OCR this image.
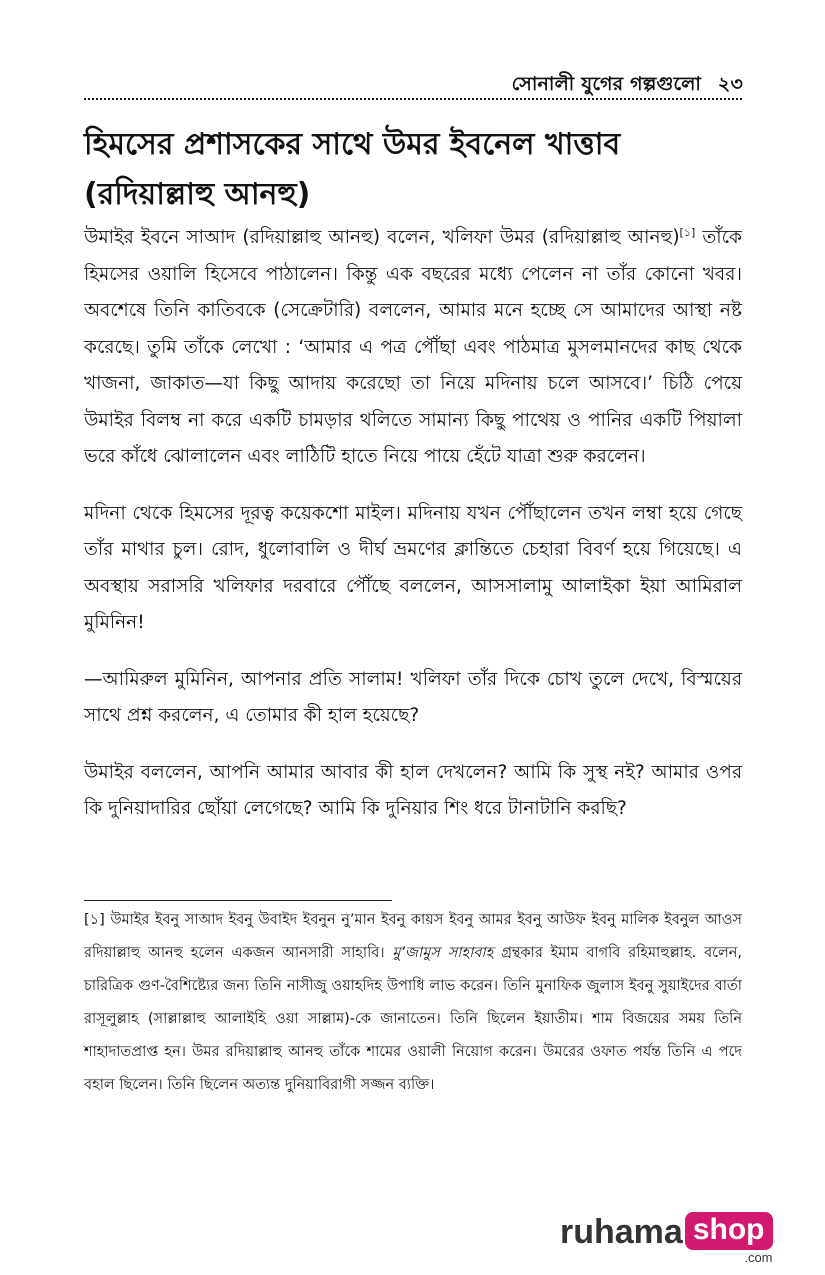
সোনালী যুগের গল্পগুলো ২৩
হিমসের প্রশাসকের সাথে উমর ইবনেল খাত্তাব (রদিয়াল্লাহু আনহু)

উমাইর ইবনে সাআদ (রদিয়াল্লাহু আনহু) বলেন, খলিফা উমর (রদিয়াল্লাহু আনহু)[১] তাঁকে হিমসের ওয়ালি হিসেবে পাঠালেন। কিন্তু এক বছরের মধ্যে পেলেন না তাঁর কোনো খবর। অবশেষে তিনি কাতিবকে (সেক্রেটারি) বললেন, আমার মনে হচ্ছে সে আমাদের আস্থা নষ্ট করেছে। তুমি তাঁকে লেখো : ‘আমার এ পত্র পৌঁছা এবং পাঠমাত্র মুসলমানদের কাছ থেকে খাজনা, জাকাত—যা কিছু আদায় করেছো তা নিয়ে মদিনায় চলে আসবে।’ চিঠি পেয়ে উমাইর বিলম্ব না করে একটি চামড়ার থলিতে সামান্য কিছু পাথেয় ও পানির একটি পিয়ালা ভরে কাঁধে ঝোলালেন এবং লাঠিটি হাতে নিয়ে পায়ে হেঁটে যাত্রা শুরু করলেন।

মদিনা থেকে হিমসের দূরত্ব কয়েকশো মাইল। মদিনায় যখন পৌঁছালেন তখন লম্বা হয়ে গেছে তাঁর মাথার চুল। রোদ, ধুলোবালি ও দীর্ঘ ভ্রমণের ক্লান্তিতে চেহারা বিবর্ণ হয়ে গিয়েছে। এ অবস্থায় সরাসরি খলিফার দরবারে পৌঁছে বললেন, আসসালামু আলাইকা ইয়া আমিরাল মুমিনিন!

—আমিরুল মুমিনিন, আপনার প্রতি সালাম! খলিফা তাঁর দিকে চোখ তুলে দেখে, বিস্ময়ের সাথে প্রশ্ন করলেন, এ তোমার কী হাল হয়েছে?

উমাইর বললেন, আপনি আমার আবার কী হাল দেখলেন? আমি কি সুস্থ নই? আমার ওপর কি দুনিয়াদারির ছোঁয়া লেগেছে? আমি কি দুনিয়ার শিং ধরে টানাটানি করছি?

[১] উমাইর ইবনু সাআদ ইবনু উবাইদ ইবনুন নু’মান ইবনু কায়স ইবনু আমর ইবনু আউফ ইবনু মালিক ইবনুল আওস রদিয়াল্লাহু আনহু হলেন একজন আনসারী সাহাবি। মু’জামুস সাহাবাহ গ্রন্থকার ইমাম বাগবি রহিমাহুল্লাহ. বলেন, চারিত্রিক গুণ-বৈশিষ্ট্যের জন্য তিনি নাসীজু ওয়াহদিহ উপাধি লাভ করেন। তিনি মুনাফিক জুলাস ইবনু সুয়াইদের বার্তা রাসূলুল্লাহ (সাল্লাল্লাহু আলাইহি ওয়া সাল্লাম)-কে জানাতেন। তিনি ছিলেন ইয়াতীম। শাম বিজয়ের সময় তিনি শাহাদাতপ্রাপ্ত হন। উমর রদিয়াল্লাহু আনহু তাঁকে শামের ওয়ালী নিয়োগ করেন। উমরের ওফাত পর্যন্ত তিনি এ পদে বহাল ছিলেন। তিনি ছিলেন অত্যন্ত দুনিয়াবিরাগী সজ্জন ব্যক্তি।
ruhama shop
.com
